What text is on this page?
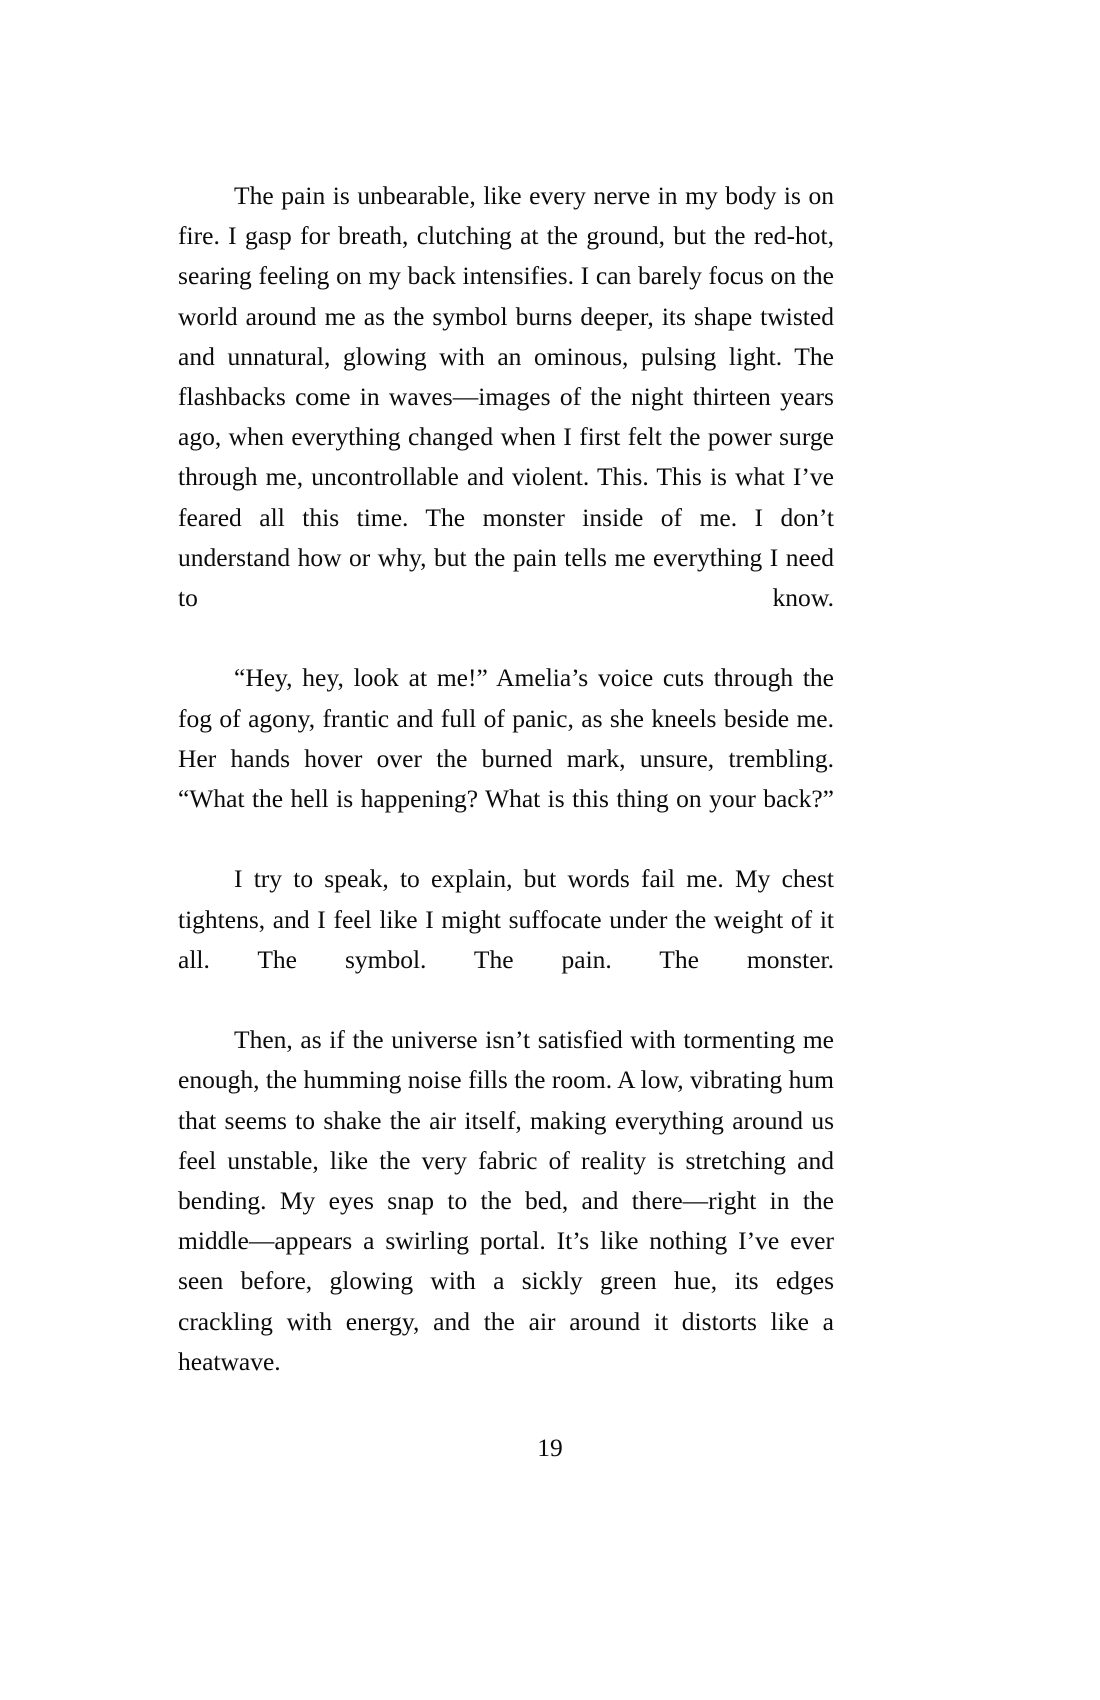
The pain is unbearable, like every nerve in my body is on fire. I gasp for breath, clutching at the ground, but the red-hot, searing feeling on my back intensifies. I can barely focus on the world around me as the symbol burns deeper, its shape twisted and unnatural, glowing with an ominous, pulsing light. The flashbacks come in waves—images of the night thirteen years ago, when everything changed when I first felt the power surge through me, uncontrollable and violent. This. This is what I’ve feared all this time. The monster inside of me. I don’t understand how or why, but the pain tells me everything I need to know.

“Hey, hey, look at me!” Amelia’s voice cuts through the fog of agony, frantic and full of panic, as she kneels beside me. Her hands hover over the burned mark, unsure, trembling. “What the hell is happening? What is this thing on your back?”

I try to speak, to explain, but words fail me. My chest tightens, and I feel like I might suffocate under the weight of it all. The symbol. The pain. The monster.

Then, as if the universe isn’t satisfied with tormenting me enough, the humming noise fills the room. A low, vibrating hum that seems to shake the air itself, making everything around us feel unstable, like the very fabric of reality is stretching and bending. My eyes snap to the bed, and there—right in the middle—appears a swirling portal. It’s like nothing I’ve ever seen before, glowing with a sickly green hue, its edges crackling with energy, and the air around it distorts like a heatwave.

19
